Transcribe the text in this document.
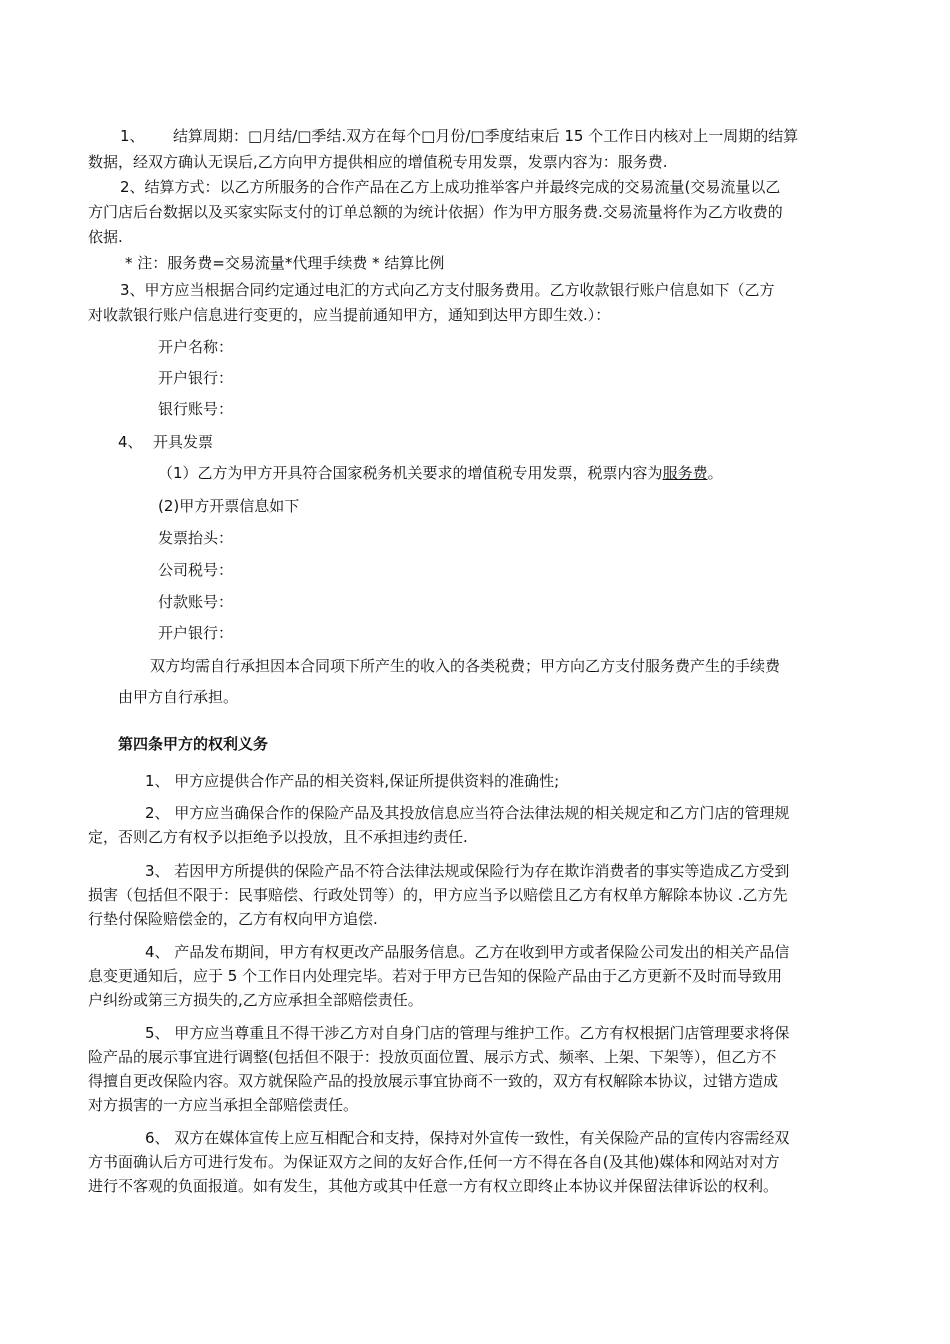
1、 结算周期：□月结/□季结.双方在每个□月份/□季度结束后 15 个工作日内核对上一周期的结算
数据，经双方确认无误后,乙方向甲方提供相应的增值税专用发票，发票内容为：服务费.
2、结算方式：以乙方所服务的合作产品在乙方上成功推举客户并最终完成的交易流量(交易流量以乙
方门店后台数据以及买家实际支付的订单总额的为统计依据）作为甲方服务费.交易流量将作为乙方收费的
依据.
* 注：服务费=交易流量*代理手续费 * 结算比例
3、甲方应当根据合同约定通过电汇的方式向乙方支付服务费用。乙方收款银行账户信息如下（乙方
对收款银行账户信息进行变更的，应当提前通知甲方，通知到达甲方即生效.）：
开户名称：
开户银行：
银行账号：
4、 开具发票
（1）乙方为甲方开具符合国家税务机关要求的增值税专用发票，税票内容为服务费。
(2)甲方开票信息如下
发票抬头：
公司税号：
付款账号：
开户银行：
双方均需自行承担因本合同项下所产生的收入的各类税费；甲方向乙方支付服务费产生的手续费
由甲方自行承担。
第四条甲方的权利义务
1、 甲方应提供合作产品的相关资料,保证所提供资料的准确性;
2、 甲方应当确保合作的保险产品及其投放信息应当符合法律法规的相关规定和乙方门店的管理规
定，否则乙方有权予以拒绝予以投放，且不承担违约责任.
3、 若因甲方所提供的保险产品不符合法律法规或保险行为存在欺诈消费者的事实等造成乙方受到
损害（包括但不限于：民事赔偿、行政处罚等）的，甲方应当予以赔偿且乙方有权单方解除本协议 .乙方先
行垫付保险赔偿金的，乙方有权向甲方追偿.
4、 产品发布期间，甲方有权更改产品服务信息。乙方在收到甲方或者保险公司发出的相关产品信
息变更通知后，应于 5 个工作日内处理完毕。若对于甲方已告知的保险产品由于乙方更新不及时而导致用
户纠纷或第三方损失的,乙方应承担全部赔偿责任。
5、 甲方应当尊重且不得干涉乙方对自身门店的管理与维护工作。乙方有权根据门店管理要求将保
险产品的展示事宜进行调整(包括但不限于：投放页面位置、展示方式、频率、上架、下架等），但乙方不
得擅自更改保险内容。双方就保险产品的投放展示事宜协商不一致的，双方有权解除本协议，过错方造成
对方损害的一方应当承担全部赔偿责任。
6、 双方在媒体宣传上应互相配合和支持，保持对外宣传一致性，有关保险产品的宣传内容需经双
方书面确认后方可进行发布。为保证双方之间的友好合作,任何一方不得在各自(及其他)媒体和网站对对方
进行不客观的负面报道。如有发生，其他方或其中任意一方有权立即终止本协议并保留法律诉讼的权利。
